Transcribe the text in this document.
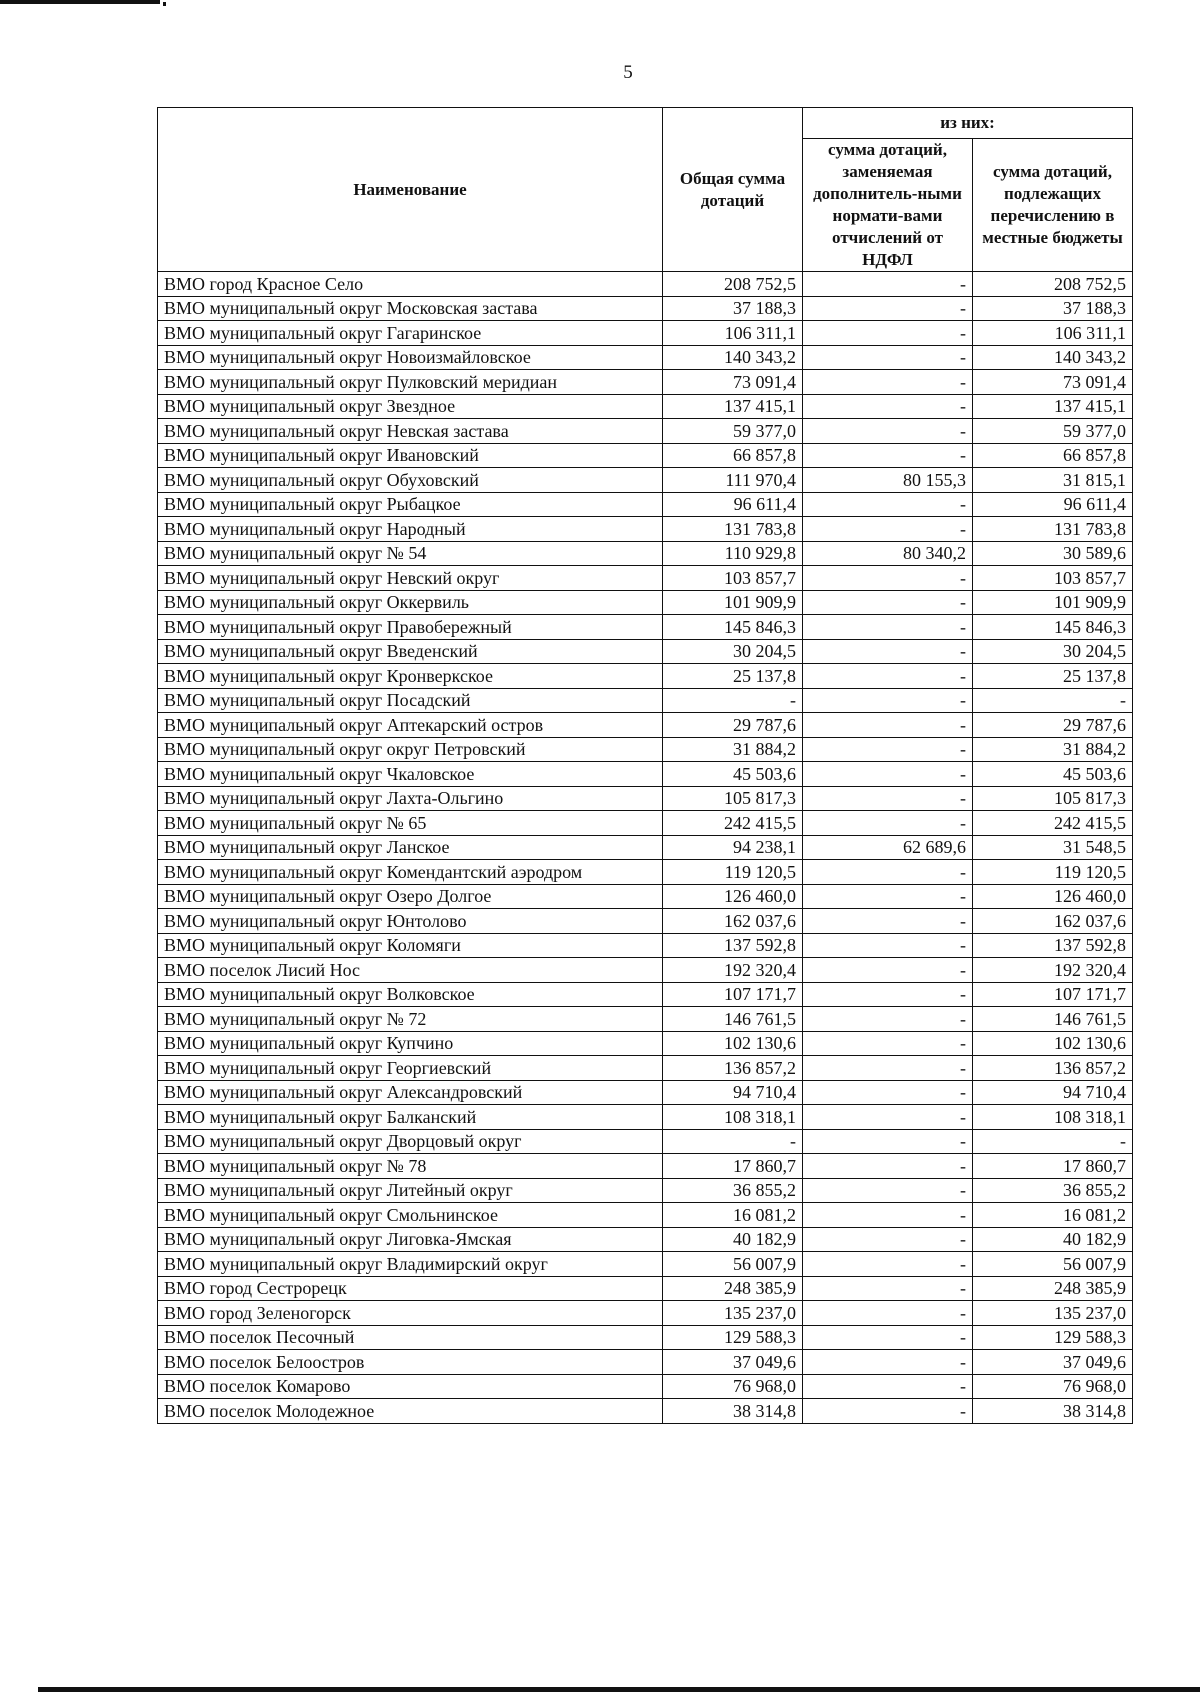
5
Наименование	Общая сумма дотаций	из них:	
		сумма дотаций, заменяемая дополнитель-ными нормати-вами отчислений от НДФЛ	сумма дотаций, подлежащих перечислению в местные бюджеты
ВМО город Красное Село	208 752,5	-	208 752,5
ВМО муниципальный округ Московская застава	37 188,3	-	37 188,3
ВМО муниципальный округ Гагаринское	106 311,1	-	106 311,1
ВМО муниципальный округ Новоизмайловское	140 343,2	-	140 343,2
ВМО муниципальный округ Пулковский меридиан	73 091,4	-	73 091,4
ВМО муниципальный округ Звездное	137 415,1	-	137 415,1
ВМО муниципальный округ Невская застава	59 377,0	-	59 377,0
ВМО муниципальный округ Ивановский	66 857,8	-	66 857,8
ВМО муниципальный округ Обуховский	111 970,4	80 155,3	31 815,1
ВМО муниципальный округ Рыбацкое	96 611,4	-	96 611,4
ВМО муниципальный округ Народный	131 783,8	-	131 783,8
ВМО муниципальный округ № 54	110 929,8	80 340,2	30 589,6
ВМО муниципальный округ Невский округ	103 857,7	-	103 857,7
ВМО муниципальный округ Оккервиль	101 909,9	-	101 909,9
ВМО муниципальный округ Правобережный	145 846,3	-	145 846,3
ВМО муниципальный округ Введенский	30 204,5	-	30 204,5
ВМО муниципальный округ Кронверкское	25 137,8	-	25 137,8
ВМО муниципальный округ Посадский	-	-	-
ВМО муниципальный округ Аптекарский остров	29 787,6	-	29 787,6
ВМО муниципальный округ округ Петровский	31 884,2	-	31 884,2
ВМО муниципальный округ Чкаловское	45 503,6	-	45 503,6
ВМО муниципальный округ Лахта-Ольгино	105 817,3	-	105 817,3
ВМО муниципальный округ № 65	242 415,5	-	242 415,5
ВМО муниципальный округ Ланское	94 238,1	62 689,6	31 548,5
ВМО муниципальный округ Комендантский аэродром	119 120,5	-	119 120,5
ВМО муниципальный округ Озеро Долгое	126 460,0	-	126 460,0
ВМО муниципальный округ Юнтолово	162 037,6	-	162 037,6
ВМО муниципальный округ Коломяги	137 592,8	-	137 592,8
ВМО поселок Лисий Нос	192 320,4	-	192 320,4
ВМО муниципальный округ Волковское	107 171,7	-	107 171,7
ВМО муниципальный округ № 72	146 761,5	-	146 761,5
ВМО муниципальный округ Купчино	102 130,6	-	102 130,6
ВМО муниципальный округ Георгиевский	136 857,2	-	136 857,2
ВМО муниципальный округ Александровский	94 710,4	-	94 710,4
ВМО муниципальный округ Балканский	108 318,1	-	108 318,1
ВМО муниципальный округ Дворцовый округ	-	-	-
ВМО муниципальный округ № 78	17 860,7	-	17 860,7
ВМО муниципальный округ Литейный округ	36 855,2	-	36 855,2
ВМО муниципальный округ Смольнинское	16 081,2	-	16 081,2
ВМО муниципальный округ Лиговка-Ямская	40 182,9	-	40 182,9
ВМО муниципальный округ Владимирский округ	56 007,9	-	56 007,9
ВМО город Сестрорецк	248 385,9	-	248 385,9
ВМО город Зеленогорск	135 237,0	-	135 237,0
ВМО поселок Песочный	129 588,3	-	129 588,3
ВМО поселок Белоостров	37 049,6	-	37 049,6
ВМО поселок Комарово	76 968,0	-	76 968,0
ВМО поселок Молодежное	38 314,8	-	38 314,8
